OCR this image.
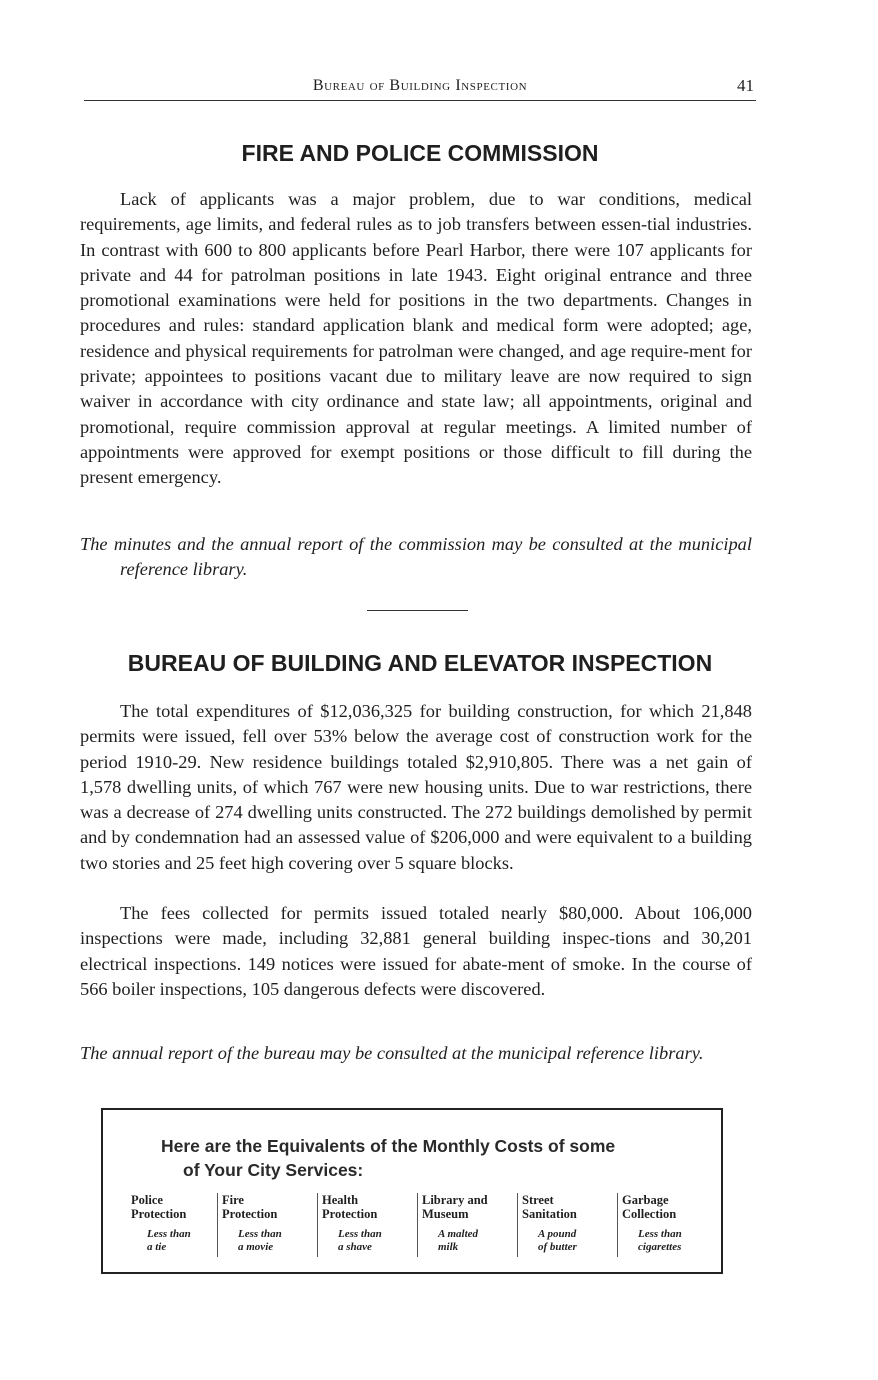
Bureau of Building Inspection	41
FIRE AND POLICE COMMISSION

Lack of applicants was a major problem, due to war conditions, medical requirements, age limits, and federal rules as to job transfers between essen-tial industries. In contrast with 600 to 800 applicants before Pearl Harbor, there were 107 applicants for private and 44 for patrolman positions in late 1943. Eight original entrance and three promotional examinations were held for positions in the two departments. Changes in procedures and rules: standard application blank and medical form were adopted; age, residence and physical requirements for patrolman were changed, and age require-ment for private; appointees to positions vacant due to military leave are now required to sign waiver in accordance with city ordinance and state law; all appointments, original and promotional, require commission approval at regular meetings. A limited number of appointments were approved for exempt positions or those difficult to fill during the present emergency.

The minutes and the annual report of the commission may be consulted at the municipal reference library.

BUREAU OF BUILDING AND ELEVATOR INSPECTION

The total expenditures of $12,036,325 for building construction, for which 21,848 permits were issued, fell over 53% below the average cost of construction work for the period 1910-29. New residence buildings totaled $2,910,805. There was a net gain of 1,578 dwelling units, of which 767 were new housing units. Due to war restrictions, there was a decrease of 274 dwelling units constructed. The 272 buildings demolished by permit and by condemnation had an assessed value of $206,000 and were equivalent to a building two stories and 25 feet high covering over 5 square blocks.

The fees collected for permits issued totaled nearly $80,000. About 106,000 inspections were made, including 32,881 general building inspec-tions and 30,201 electrical inspections. 149 notices were issued for abate-ment of smoke. In the course of 566 boiler inspections, 105 dangerous defects were discovered.

The annual report of the bureau may be consulted at the municipal reference library.

Here are the Equivalents of the Monthly Costs of some
of Your City Services:
Police
Protection
Less than
a tie
Fire
Protection
Less than
a movie
Health
Protection
Less than
a shave
Library and
Museum
A malted
milk
Street
Sanitation
A pound
of butter
Garbage
Collection
Less than
cigarettes
